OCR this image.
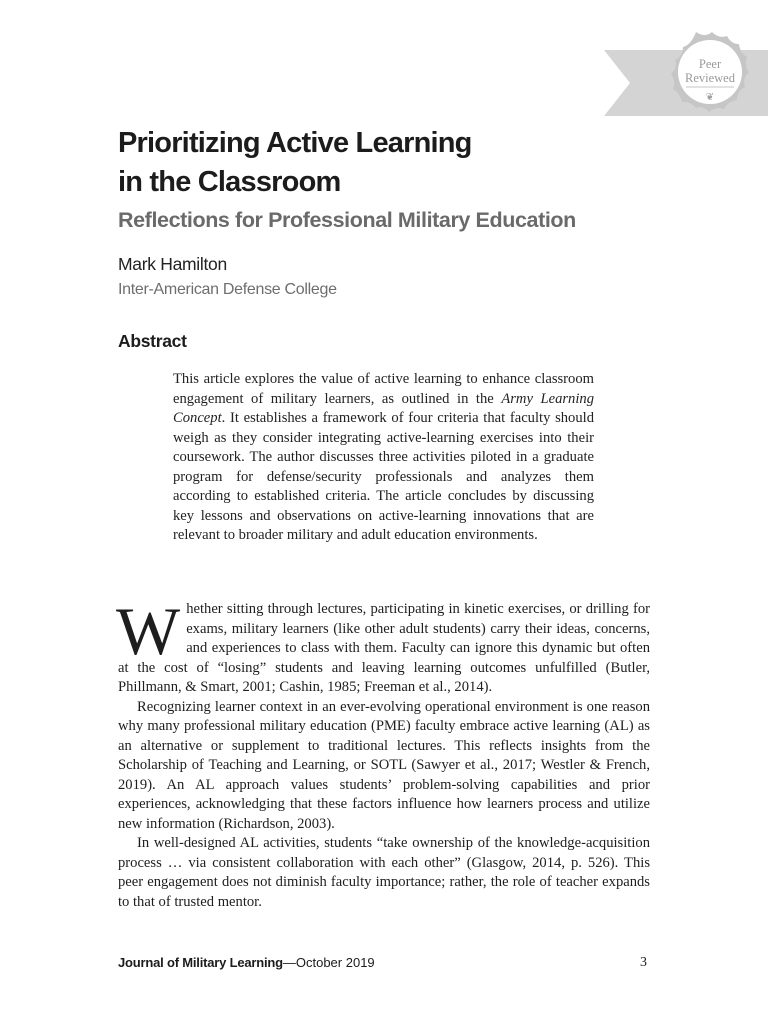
Peer
Reviewed
❦
Prioritizing Active Learning
in the Classroom
Reflections for Professional Military Education

Mark Hamilton

Inter-American Defense College

Abstract

This article explores the value of active learning to enhance classroom engagement of military learners, as outlined in the Army Learning Concept. It establishes a framework of four criteria that faculty should weigh as they consider integrating active-learning exercises into their coursework. The author discusses three activities piloted in a graduate program for defense/security professionals and analyzes them according to established criteria. The article concludes by discussing key lessons and observations on active-learning innovations that are relevant to broader military and adult education environments.

Whether sitting through lectures, participating in kinetic exercises, or drilling for exams, military learners (like other adult students) carry their ideas, concerns, and experiences to class with them. Faculty can ignore this dynamic but often at the cost of “losing” students and leaving learning outcomes unfulfilled (Butler, Phillmann, & Smart, 2001; Cashin, 1985; Freeman et al., 2014).

Recognizing learner context in an ever-evolving operational environment is one reason why many professional military education (PME) faculty embrace active learning (AL) as an alternative or supplement to traditional lectures. This reflects insights from the Scholarship of Teaching and Learning, or SOTL (Sawyer et al., 2017; Westler & French, 2019). An AL approach values students’ problem-solving capabilities and prior experiences, acknowledging that these factors influence how learners process and utilize new information (Richardson, 2003).

In well-designed AL activities, students “take ownership of the knowledge-acquisition process … via consistent collaboration with each other” (Glasgow, 2014, p. 526). This peer engagement does not diminish faculty importance; rather, the role of teacher expands to that of trusted mentor.

Journal of Military Learning—October 2019	3
